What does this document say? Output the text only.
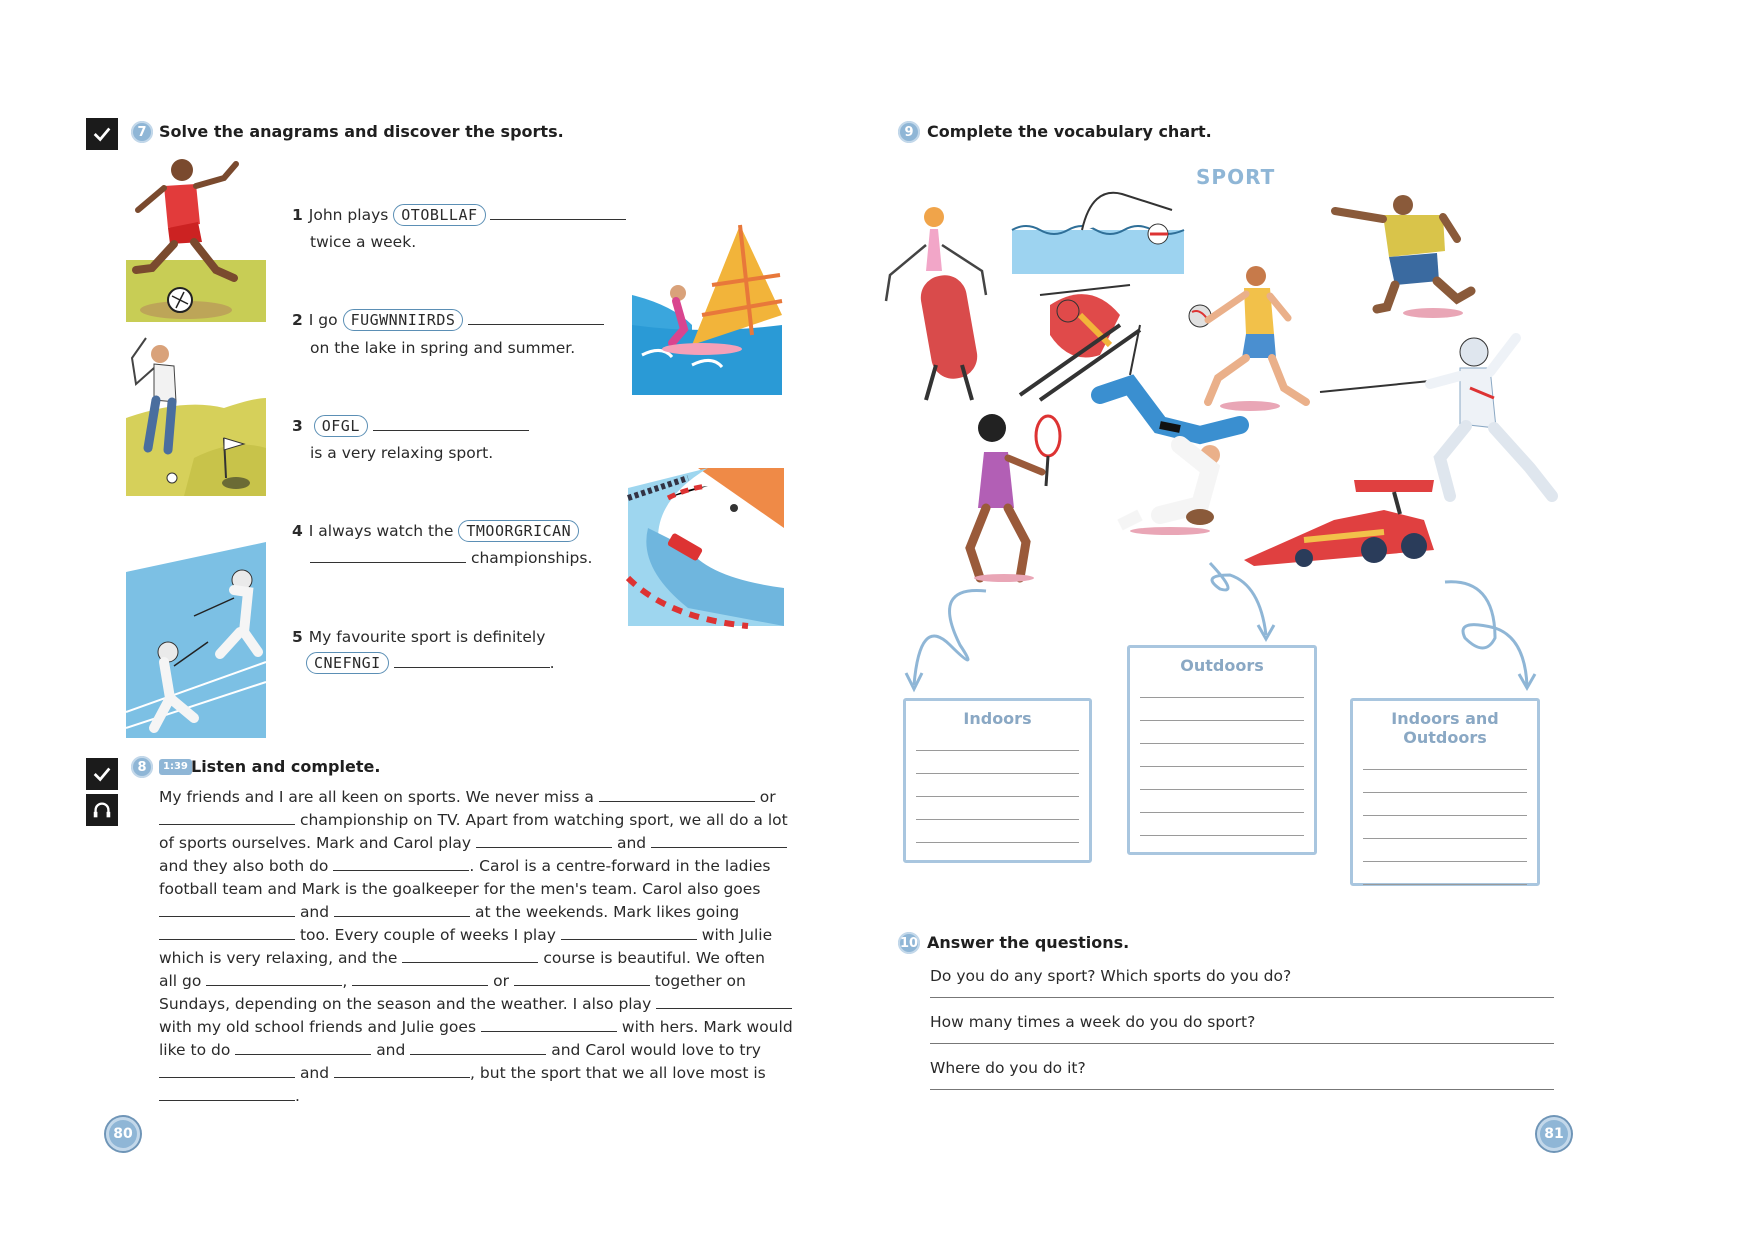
7 Solve the anagrams and discover the sports.
1 John plays OTOBLLAF
twice a week.
2 I go FUGWNNIIRDS
on the lake in spring and summer.
3 OFGL
is a very relaxing sport.
4 I always watch the TMOORGRICAN
championships.
5 My favourite sport is definitely
CNEFNGI	.
8	1:39 Listen and complete.
My friends and I are all keen on sports. We never miss a	or
championship on TV. Apart from watching sport, we all do a lot
of sports ourselves. Mark and Carol play	and
and they also both do	. Carol is a centre-forward in the ladies
football team and Mark is the goalkeeper for the men's team. Carol also goes
and	at the weekends. Mark likes going
too. Every couple of weeks I play	with Julie
which is very relaxing, and the	course is beautiful. We often
all go	,	or	together on
Sundays, depending on the season and the weather. I also play
with my old school friends and Julie goes	with hers. Mark would
like to do	and	and Carol would love to try
and	, but the sport that we all love most is
.
80
9 Complete the vocabulary chart.
SPORT
Indoors
Outdoors
Indoors and Outdoors
10 Answer the questions.
Do you do any sport? Which sports do you do?
How many times a week do you do sport?
Where do you do it?
81
